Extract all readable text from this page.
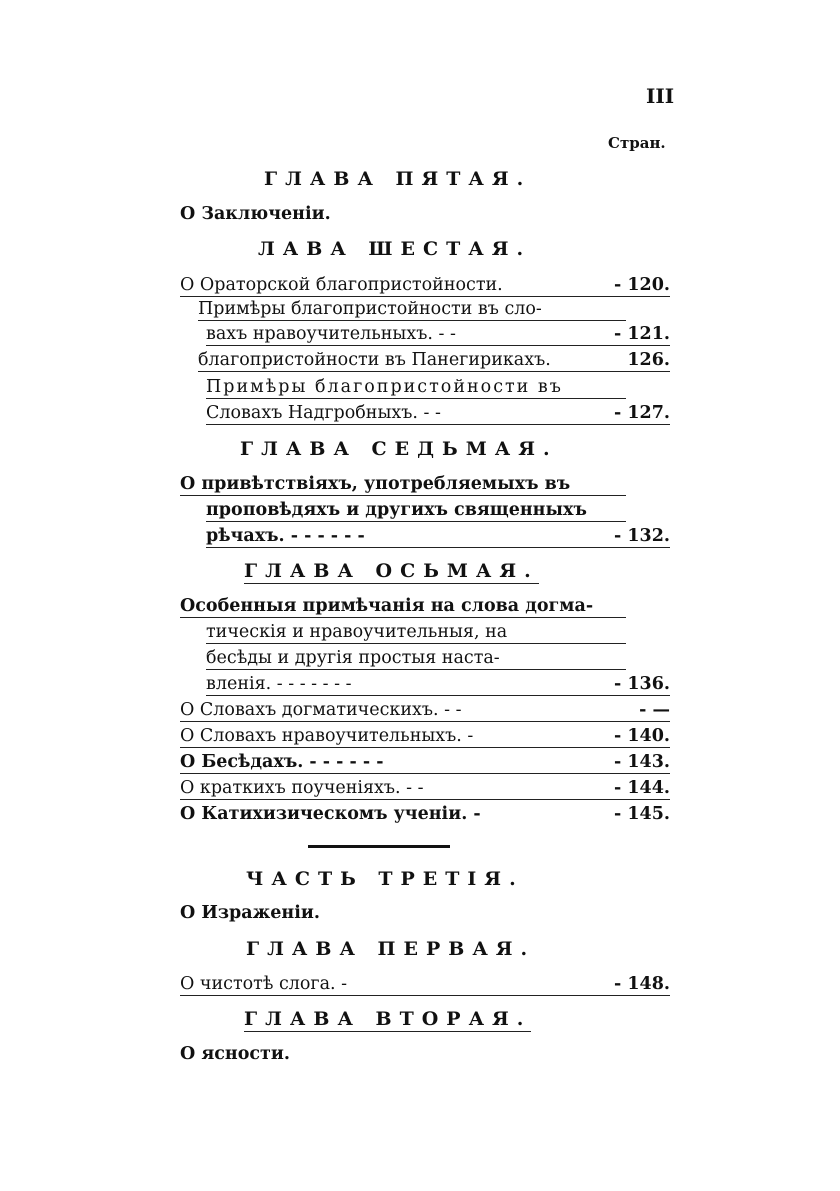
III
Стран.
ГЛАВА ПЯТАЯ.
О Заключеніи.
ЛАВА ШЕСТАЯ.
О Ораторской благопристойности.	- 120.
Примѣры благопристойности въ сло-
вахъ нравоучительныхъ. - -	- 121.
благопристойности въ Панегирикахъ.	126.
Примѣры благопристойности въ
Словахъ Надгробныхъ. - -	- 127.
ГЛАВА СЕДЬМАЯ.
О привѣтствіяхъ, употребляемыхъ въ
проповѣдяхъ и другихъ священныхъ
рѣчахъ. - - - - - -	- 132.
ГЛАВА ОСЬМАЯ.
Особенныя примѣчанія на слова догма-
тическія и нравоучительныя, на
бесѣды и другія простыя наста-
вленія. - - - - - - -	- 136.
О Словахъ догматическихъ. - -	- —
О Словахъ нравоучительныхъ. -	- 140.
О Бесѣдахъ. - - - - - -	- 143.
О краткихъ поученіяхъ. - -	- 144.
О Катихизическомъ ученіи. -	- 145.
ЧАСТЬ ТРЕТІЯ.
О Израженіи.
ГЛАВА ПЕРВАЯ.
О чистотѣ слога. -	- 148.
ГЛАВА ВТОРАЯ.
О ясности.
